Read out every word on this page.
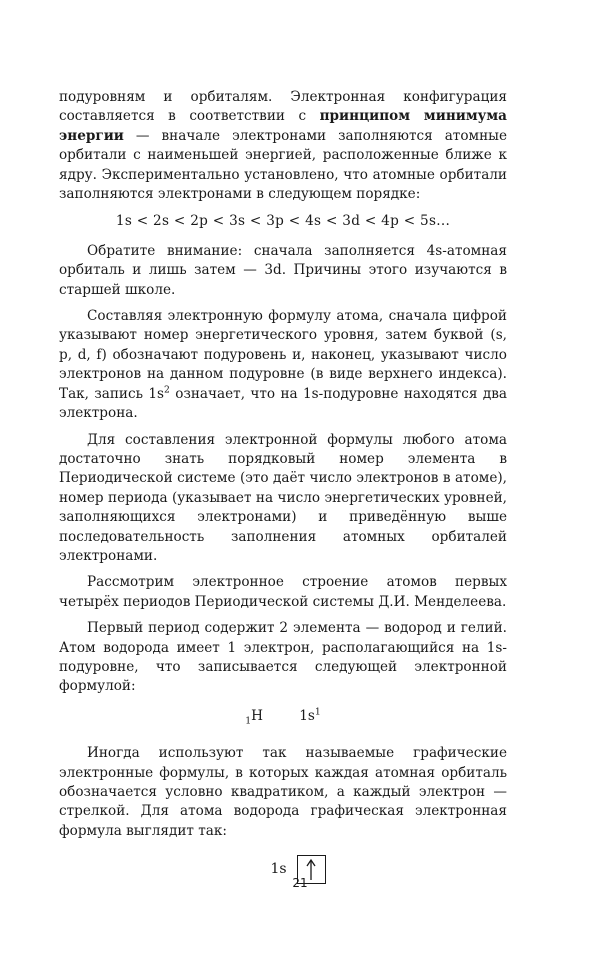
подуровням и орбиталям. Электронная конфигурация составляется в соответствии с принципом минимума энергии — вначале электронами заполняются атомные орбитали с наименьшей энергией, расположенные ближе к ядру. Экспериментально установлено, что атомные орбитали заполняются электронами в следующем порядке:

1s < 2s < 2p < 3s < 3p < 4s < 3d < 4p < 5s...

Обратите внимание: сначала заполняется 4s-атомная орбиталь и лишь затем — 3d. Причины этого изучаются в старшей школе.

Составляя электронную формулу атома, сначала цифрой указывают номер энергетического уровня, затем буквой (s, p, d, f) обозначают подуровень и, наконец, указывают число электронов на данном подуровне (в виде верхнего индекса). Так, запись $1s^2$ означает, что на 1s-подуровне находятся два электрона.

Для составления электронной формулы любого атома достаточно знать порядковый номер элемента в Периодической системе (это даёт число электронов в атоме), номер периода (указывает на число энергетических уровней, заполняющихся электронами) и приведённую выше последовательность заполнения атомных орбиталей электронами.

Рассмотрим электронное строение атомов первых четырёх периодов Периодической системы Д.И. Менделеева.

Первый период содержит 2 элемента — водород и гелий. Атом водорода имеет 1 электрон, располагающийся на 1s-подуровне, что записывается следующей электронной формулой:

$_1$H	$1s^1$

Иногда используют так называемые графические электронные формулы, в которых каждая атомная орбиталь обозначается условно квадратиком, а каждый электрон — стрелкой. Для атома водорода графическая электронная формула выглядит так:

1s
21
